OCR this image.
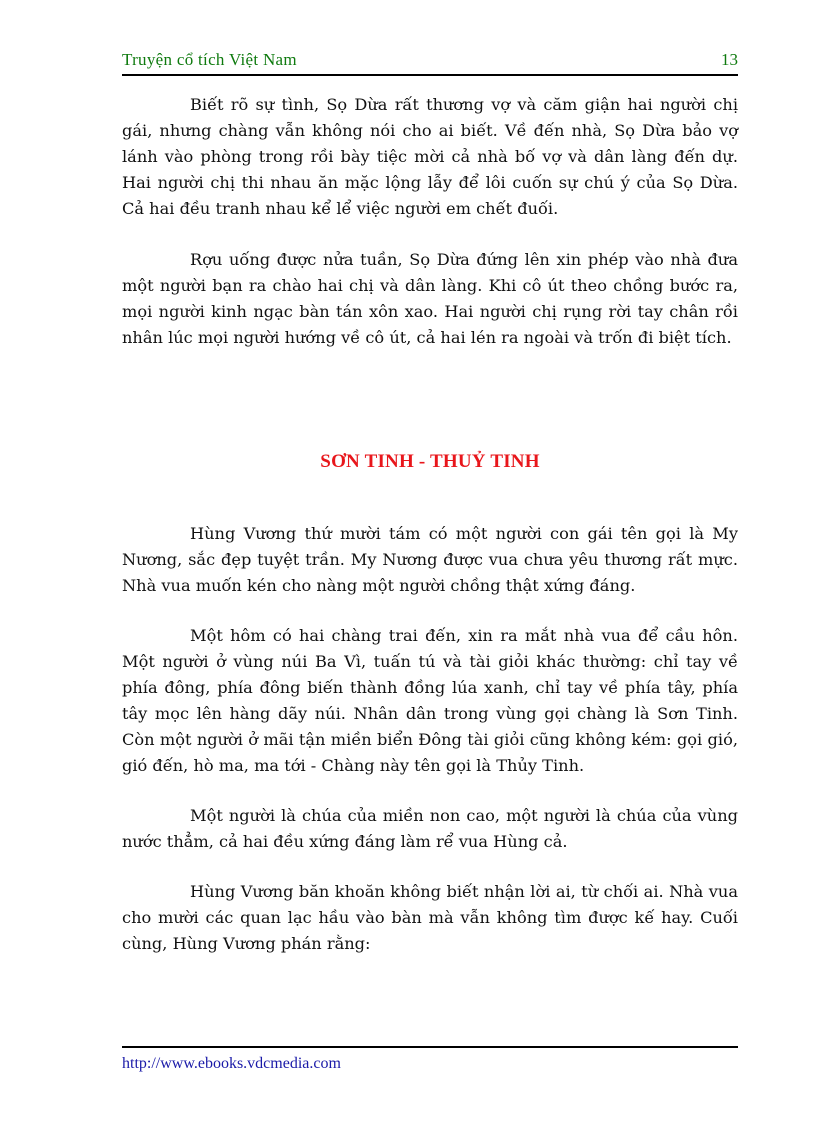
Truyện cổ tích Việt Nam	13

Biết rõ sự tình, Sọ Dừa rất thương vợ và căm giận hai người chị gái, nhưng chàng vẫn không nói cho ai biết. Về đến nhà, Sọ Dừa bảo vợ lánh vào phòng trong rồi bày tiệc mời cả nhà bố vợ và dân làng đến dự. Hai người chị thi nhau ăn mặc lộng lẫy để lôi cuốn sự chú ý của Sọ Dừa. Cả hai đều tranh nhau kể lể việc người em chết đuối.

Rợu uống được nửa tuần, Sọ Dừa đứng lên xin phép vào nhà đưa một người bạn ra chào hai chị và dân làng. Khi cô út theo chồng bước ra, mọi người kinh ngạc bàn tán xôn xao. Hai người chị rụng rời tay chân rồi nhân lúc mọi người hướng về cô út, cả hai lén ra ngoài và trốn đi biệt tích.

SƠN TINH - THUỶ TINH

Hùng Vương thứ mười tám có một người con gái tên gọi là My Nương, sắc đẹp tuyệt trần. My Nương được vua chưa yêu thương rất mực. Nhà vua muốn kén cho nàng một người chồng thật xứng đáng.

Một hôm có hai chàng trai đến, xin ra mắt nhà vua để cầu hôn. Một người ở vùng núi Ba Vì, tuấn tú và tài giỏi khác thường: chỉ tay về phía đông, phía đông biến thành đồng lúa xanh, chỉ tay về phía tây, phía tây mọc lên hàng dãy núi. Nhân dân trong vùng gọi chàng là Sơn Tinh. Còn một người ở mãi tận miền biển Đông tài giỏi cũng không kém: gọi gió, gió đến, hò ma, ma tới - Chàng này tên gọi là Thủy Tinh.

Một người là chúa của miền non cao, một người là chúa của vùng nước thẳm, cả hai đều xứng đáng làm rể vua Hùng cả.

Hùng Vương băn khoăn không biết nhận lời ai, từ chối ai. Nhà vua cho mười các quan lạc hầu vào bàn mà vẫn không tìm được kế hay. Cuối cùng, Hùng Vương phán rằng:

http://www.ebooks.vdcmedia.com
